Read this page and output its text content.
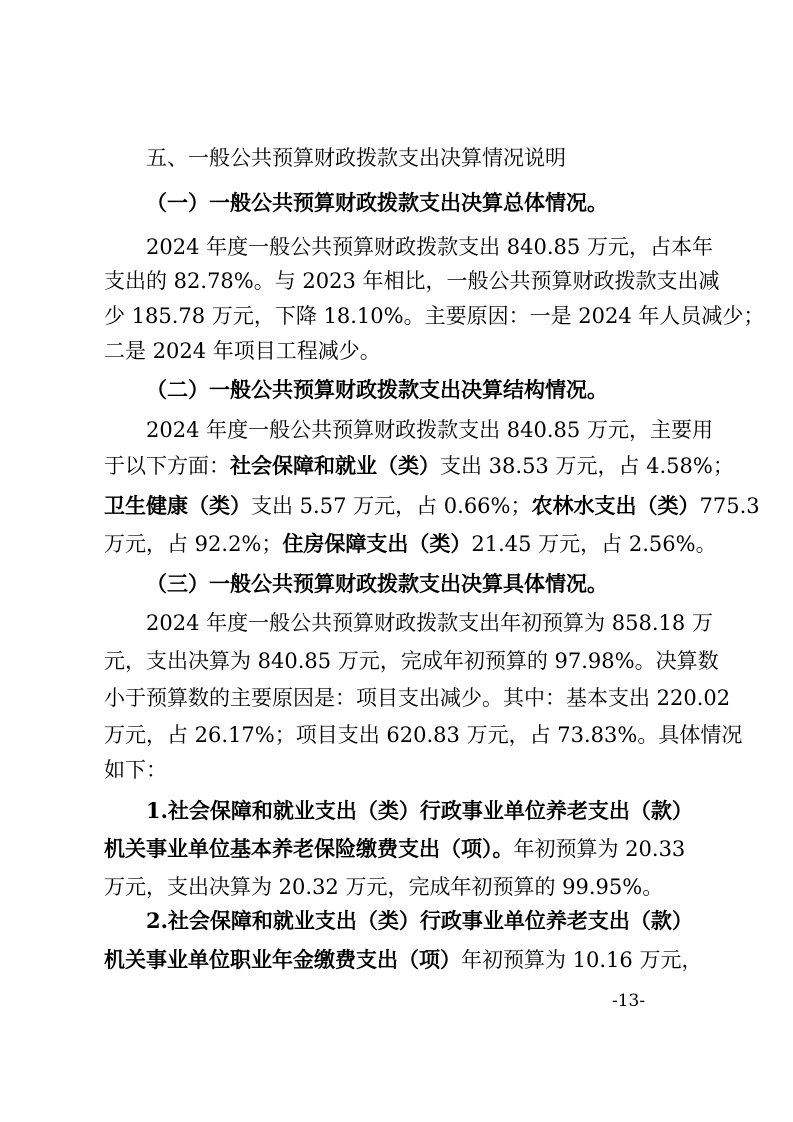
五、一般公共预算财政拨款支出决算情况说明
（一）一般公共预算财政拨款支出决算总体情况。
2024 年度一般公共预算财政拨款支出 840.85 万元，占本年
支出的 82.78%。与 2023 年相比，一般公共预算财政拨款支出减
少 185.78 万元，下降 18.10%。主要原因：一是 2024 年人员减少；
二是 2024 年项目工程减少。
（二）一般公共预算财政拨款支出决算结构情况。
2024 年度一般公共预算财政拨款支出 840.85 万元，主要用
于以下方面：社会保障和就业（类）支出 38.53 万元，占 4.58%；
卫生健康（类）支出 5.57 万元，占 0.66%；农林水支出（类）775.3
万元，占 92.2%；住房保障支出（类）21.45 万元，占 2.56%。
（三）一般公共预算财政拨款支出决算具体情况。
2024 年度一般公共预算财政拨款支出年初预算为 858.18 万
元，支出决算为 840.85 万元，完成年初预算的 97.98%。决算数
小于预算数的主要原因是：项目支出减少。其中：基本支出 220.02
万元，占 26.17%；项目支出 620.83 万元，占 73.83%。具体情况
如下：
1.社会保障和就业支出（类）行政事业单位养老支出（款）
机关事业单位基本养老保险缴费支出（项）。年初预算为 20.33
万元，支出决算为 20.32 万元，完成年初预算的 99.95%。
2.社会保障和就业支出（类）行政事业单位养老支出（款）
机关事业单位职业年金缴费支出（项）年初预算为 10.16 万元，
-13-
